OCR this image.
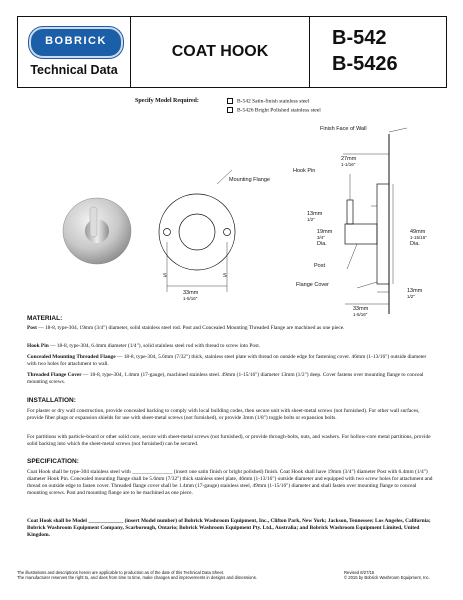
BOBRICK
Technical Data
COAT HOOK
B-542
B-5426
Specify Model Required:	B-542 Satin-finish stainless steel
B-5426 Bright Polished stainless steel
Finish Face of Wall
27mm
1-1/16"
Hook Pin
Mounting Flange
13mm
1/2"
19mm
3/4"
Dia.
49mm
1-15/16"
Dia.
Post
S	S
Flange Cover
13mm
1/2"
33mm
1-5/16"
33mm
1-5/16"
MATERIAL:
Post — 18-8, type-304, 19mm (3/4") diameter, solid stainless steel rod. Post and Concealed Mounting Threaded Flange are machined as one piece.
Hook Pin — 18-8, type-304, 6.4mm diameter (1/4"), solid stainless steel rod with thread to screw into Post.
Concealed Mounting Threaded Flange — 18-8, type-304, 5.6mm (7/32") thick, stainless steel plate with thread on outside edge for fastening cover. 46mm (1-13/16") outside diameter with two holes for attachment to wall.
Threaded Flange Cover — 18-8, type-304, 1.4mm (17-gauge), machined stainless steel. 49mm (1-15/16") diameter 13mm (1/2") deep. Cover fastens over mounting flange to conceal mounting screws.
INSTALLATION:
For plaster or dry wall construction, provide concealed backing to comply with local building codes, then secure unit with sheet-metal screws (not furnished). For other wall surfaces, provide fiber plugs or expansion shields for use with sheet-metal screws (not furnished), or provide 3mm (1/8") toggle bolts or expansion bolts.
For partitions with particle-board or other solid core, secure with sheet-metal screws (not furnished), or provide through-bolts, nuts, and washers. For hollow-core metal partitions, provide solid backing into which the sheet-metal screws (not furnished) can be secured.
SPECIFICATION:
Coat Hook shall be type-304 stainless steel with _______________ (insert one satin finish or bright polished) finish. Coat Hook shall have 19mm (3/4") diameter Post with 6.4mm (1/4") diameter Hook Pin. Concealed mounting flange shall be 5.6mm (7/32") thick stainless steel plate, 46mm (1-13/16") outside diameter and equipped with two screw holes for attachment and thread on outside edge to fasten cover. Threaded flange cover shall be 1.4mm (17-gauge) stainless steel, 49mm (1-15/16") diameter and shall fasten over mounting flange to conceal mounting screws. Post and mounting flange are to be machined as one piece.
Coat Hook shall be Model _____________ (insert Model number) of Bobrick Washroom Equipment, Inc., Clifton Park, New York; Jackson, Tennessee; Los Angeles, California; Bobrick Washroom Equipment Company, Scarborough, Ontario; Bobrick Washroom Equipment Pty. Ltd., Australia; and Bobrick Washroom Equipment Limited, United Kingdom.
The illustrations and descriptions herein are applicable to production as of the date of this Technical Data Sheet.
The manufacturer reserves the right to, and does from time to time, make changes and improvements in designs and dimensions.
Revised 8/27/15
© 2015 by Bobrick Washroom Equipment, Inc.
